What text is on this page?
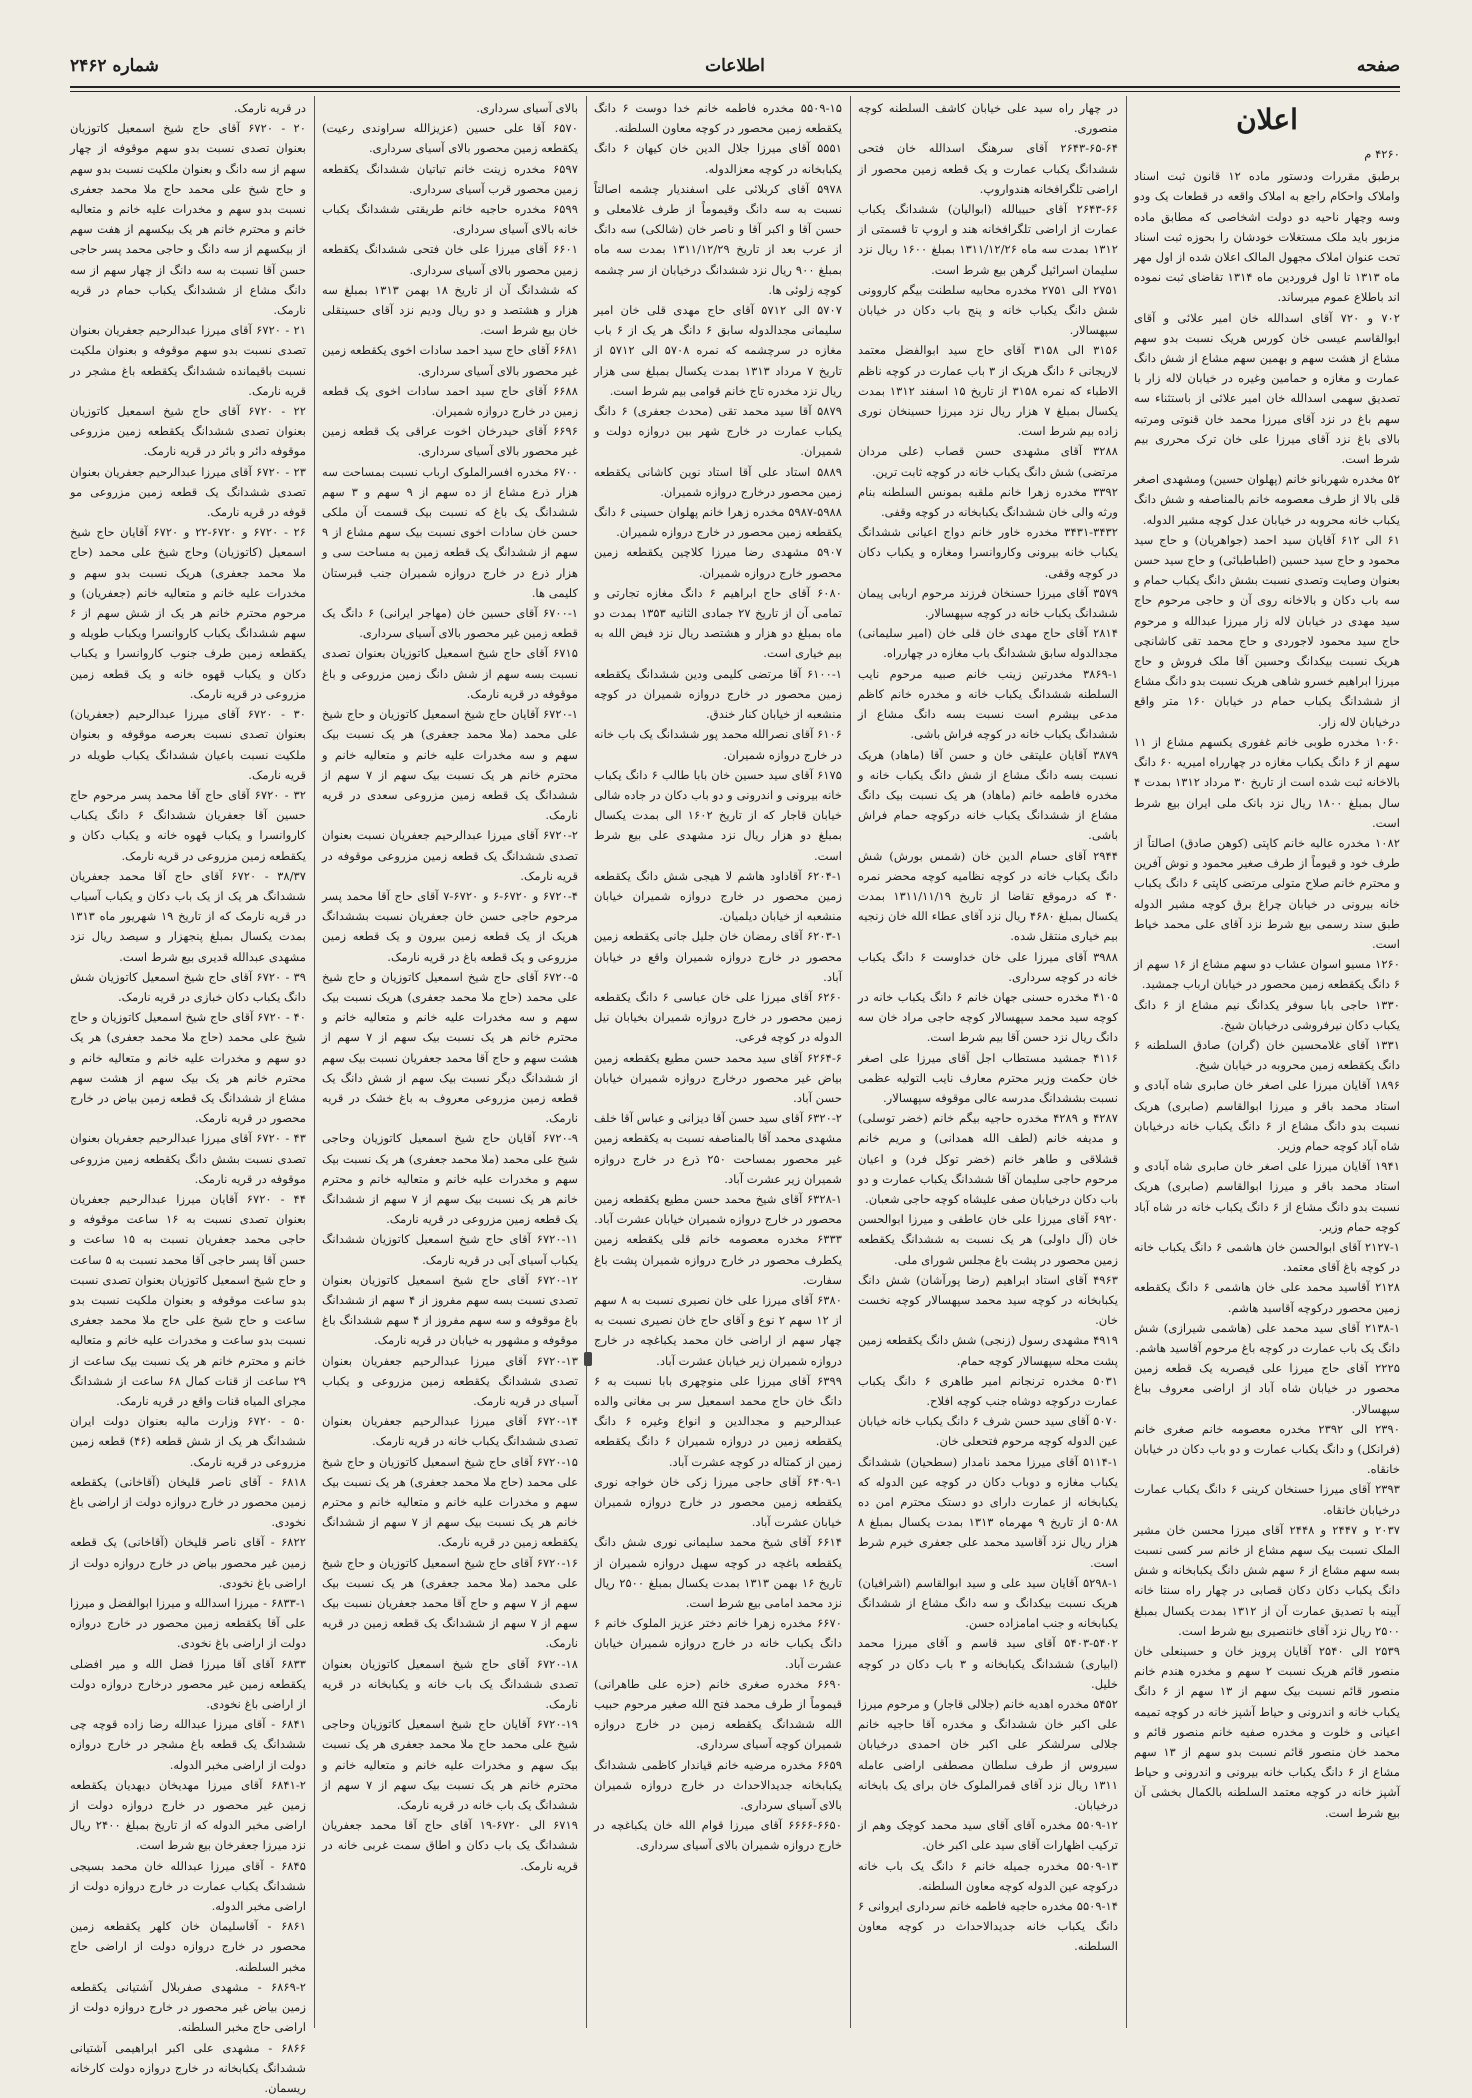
صفحه
اطلاعات
شماره ۲۴۶۲
اعلان
۴۲۶۰ م

برطبق مقررات ودستور ماده ۱۲ قانون ثبت اسناد واملاک واحکام راجع به املاک واقعه در قطعات یک ودو وسه وچهار ناحیه دو دولت اشخاصی که مطابق ماده مزبور باید ملک مستغلات خودشان را بحوزه ثبت اسناد تحت عنوان املاک مجهول المالک اعلان شده از اول مهر ماه ۱۳۱۳ تا اول فروردین ماه ۱۳۱۴ تقاضای ثبت نموده اند باطلاع عموم میرساند.

۷۰۲ و ۷۲۰ آقای اسدالله خان امیر علائی و آقای ابوالقاسم عیسی خان کورس هریک نسبت بدو سهم مشاع از هشت سهم و بهمین سهم مشاع از شش دانگ عمارت و مغازه و حمامین وغیره در خیابان لاله زار با تصدیق سهمی اسدالله خان امیر علائی از باستثناء سه سهم باغ در نزد آقای میرزا محمد خان قنوتی ومرتبه بالای باغ نزد آقای میرزا علی خان ترک محرری بیم شرط است.

۵۲ مخدره شهربانو خانم (پهلوان حسین) ومشهدی اصغر قلی بالا از طرف معصومه خانم بالمناصفه و شش دانگ یکباب خانه محروبه در خیابان عدل کوچه مشیر الدوله.

۶۱ الی ۶۱۲ آقایان سید احمد (جواهریان) و حاج سید محمود و حاج سید حسین (اطباطبائی) و حاج سید حسن بعنوان وصایت وتصدی نسبت بشش دانگ یکباب حمام و سه باب دکان و بالاخانه روی آن و حاجی مرحوم حاج سید مهدی در خیابان لاله زار میرزا عبدالله و مرحوم حاج سید محمود لاجوردی و حاج محمد تقی کاشانچی هریک نسبت بیکدانگ وحسین آقا ملک فروش و حاج میرزا ابراهیم خسرو شاهی هریک نسبت بدو دانگ مشاع از ششدانگ یکباب حمام در خیابان ۱۶۰ متر واقع درخیابان لاله زار.

۱۰۶۰ مخدره طوبی خانم غفوری یکسهم مشاع از ۱۱ سهم از ۶ دانگ یکباب مغازه در چهارراه امیریه ۶۰ دانگ بالاخانه ثبت شده است از تاریخ ۳۰ مرداد ۱۳۱۲ بمدت ۴ سال بمبلغ ۱۸۰۰ ریال نزد بانک ملی ایران بیع شرط است.

۱۰۸۲ مخدره عالیه خانم کاپتی (کوهن صادق) اصالتاً از طرف خود و قیوماً از طرف صغیر محمود و نوش آفرین و محترم خانم صلاح متولی مرتضی کاپتی ۶ دانگ یکباب خانه بیرونی در خیابان چراغ برق کوچه مشیر الدوله طبق سند رسمی بیع شرط نزد آقای علی محمد خیاط است.

۱۲۶۰ مسیو اسوان عشاب دو سهم مشاع از ۱۶ سهم از ۶ دانگ یکقطعه زمین محصور در خیابان ارباب جمشید.

۱۳۳۰ حاجی بابا سوفر یکدانگ نیم مشاع از ۶ دانگ یکباب دکان نیرفروشی درخیابان شیخ.

۱۳۳۱ آقای غلامحسین خان (گران) صادق السلطنه ۶ دانگ یکقطعه زمین محروبه در خیابان شیخ.

۱۸۹۶ آقایان میرزا علی اصغر خان صابری شاه آبادی و استاد محمد باقر و میرزا ابوالقاسم (صابری) هریک نسبت بدو دانگ مشاع از ۶ دانگ یکباب خانه درخیابان شاه آباد کوچه حمام وزیر.

۱۹۴۱ آقایان میرزا علی اصغر خان صابری شاه آبادی و استاد محمد باقر و میرزا ابوالقاسم (صابری) هریک نسبت بدو دانگ مشاع از ۶ دانگ یکباب خانه در شاه آباد کوچه حمام وزیر.

۲۱۲۷-۱ آقای ابوالحسن خان هاشمی ۶ دانگ یکباب خانه در کوچه باغ آقای معتمد.

۲۱۲۸ آقاسید محمد علی خان هاشمی ۶ دانگ یکقطعه زمین محصور درکوچه آقاسید هاشم.

۲۱۳۸-۱ آقای سید محمد علی (هاشمی شیرازی) شش دانگ یک باب عمارت در کوچه باغ مرحوم آقاسید هاشم.

۲۲۲۵ آقای حاج میرزا علی قیصریه یک قطعه زمین محصور در خیابان شاه آباد از اراضی معروف بباغ سپهسالار.

۲۳۹۰ الی ۲۳۹۲ مخدره معصومه خانم صغری خانم (فرانکل) و دانگ یکباب عمارت و دو باب دکان در خیابان خانقاه.

۲۳۹۳ آقای میرزا حسنخان کرینی ۶ دانگ یکباب عمارت درخیابان خانقاه.

۲۰۳۷ و ۲۴۴۷ و ۲۴۴۸ آقای میرزا محسن خان مشیر الملک نسبت بیک سهم مشاع از خانم سر کسی نسبت بسه سهم مشاع از ۶ سهم شش دانگ یکبابخانه و شش دانگ یکباب دکان دکان قصابی در چهار راه سنتا خانه آیینه با تصدیق عمارت آن از ۱۳۱۲ بمدت یکسال بمبلغ ۲۵۰۰ ریال نزد آقای خاننصیری بیع شرط است.

۲۵۳۹ الی ۲۵۴۰ آقایان پرویز خان و حسینعلی خان منصور قائم هریک نسبت ۲ سهم و مخدره هندم خانم منصور قائم نسبت بیک سهم از ۱۳ سهم از ۶ دانگ یکباب خانه و اندرونی و حیاط آشپز خانه در کوچه تمیمه اعیانی و خلوت و مخدره صفیه خانم منصور قائم و محمد خان منصور قائم نسبت بدو سهم از ۱۳ سهم مشاع از ۶ دانگ یکباب خانه بیرونی و اندرونی و حیاط آشپز خانه در کوچه معتمد السلطنه بالکمال بخشی آن بیع شرط است.

در چهار راه سید علی خیابان کاشف السلطنه کوچه منصوری.

۲۶۴۳-۶۵-۶۴ آقای سرهنگ اسدالله خان فتحی ششدانگ یکباب عمارت و یک قطعه زمین محصور از اراضی تلگرافخانه هندواروپ.

۲۶۴۳-۶۶ آقای حبیبالله (ابوالیان) ششدانگ یکباب عمارت از اراضی تلگرافخانه هند و اروپ تا قسمتی از ۱۳۱۲ بمدت سه ماه ۱۳۱۱/۱۲/۲۶ بمبلغ ۱۶۰۰ ریال نزد سلیمان اسرائیل گرهن بیع شرط است.

۲۷۵۱ الی ۲۷۵۱ مخدره محابیه سلطنت بیگم کاروونی شش دانگ یکباب خانه و پنج باب دکان در خیابان سپهسالار.

۳۱۵۶ الی ۳۱۵۸ آقای حاج سید ابوالفضل معتمد لاریجانی ۶ دانگ هریک از ۳ باب عمارت در کوچه ناظم الاطباء که نمره ۳۱۵۸ از تاریخ ۱۵ اسفند ۱۳۱۲ بمدت یکسال بمبلغ ۷ هزار ریال نزد میرزا حسینخان نوری زاده بیم شرط است.

۳۲۸۸ آقای مشهدی حسن قصاب (علی مردان مرتضی) شش دانگ یکباب خانه در کوچه ثابت ترین.

۳۳۹۲ مخدره زهرا خانم ملقبه بمونس السلطنه بنام ورثه والی خان ششدانگ یکبابخانه در کوچه وقفی.

۳۴۳۱-۳۴۳۲ مخدره خاور خانم دواج اعیانی ششدانگ یکباب خانه بیرونی وکاروانسرا ومغازه و یکباب دکان در کوچه وقفی.

۳۵۷۹ آقای میرزا حسنخان فرزند مرحوم اربابی پیمان ششدانگ یکباب خانه در کوچه سپهسالار.

۲۸۱۴ آقای حاج مهدی خان قلی خان (امیر سلیمانی) مجدالدوله سابق ششدانگ باب مغازه در چهارراه.

۳۸۶۹-۱ مخدرتین زینب خانم صبیه مرحوم نایب السلطنه ششدانگ یکباب خانه و مخدره خانم کاظم مدعی بیشرم است نسبت بسه دانگ مشاع از ششدانگ یکباب خانه در کوچه فراش باشی.

۳۸۷۹ آقایان علیتقی خان و حسن آقا (ماهاد) هریک نسبت بسه دانگ مشاع از شش دانگ یکباب خانه و مخدره فاطمه خانم (ماهاد) هر یک نسبت بیک دانگ مشاع از ششدانگ یکباب خانه درکوچه حمام فراش باشی.

۲۹۴۴ آقای حسام الدین خان (شمس بورش) شش دانگ یکباب خانه در کوچه نظامیه کوچه محضر نمره ۴۰ که درموقع تقاضا از تاریخ ۱۳۱۱/۱۱/۱۹ بمدت یکسال بمبلغ ۴۶۸۰ ریال نزد آقای عطاء الله خان زنجیه بیم خیاری منتقل شده.

۳۹۸۸ آقای میرزا علی خان خداوست ۶ دانگ یکباب خانه در کوچه سرداری.

۴۱۰۵ مخدره حسنی جهان خانم ۶ دانگ یکباب خانه در کوچه سید محمد سپهسالار کوچه حاجی مراد خان سه دانگ ریال نزد حسن آقا بیم شرط است.

۴۱۱۶ جمشید مستطاب اجل آقای میرزا علی اصغر خان حکمت وزیر محترم معارف نایب التولیه عظمی نسبت بششدانگ مدرسه عالی موقوفه سپهسالار.

۴۲۸۷ و ۴۲۸۹ مخدره حاجیه بیگم خانم (خضر توسلی) و مدیفه خانم (لطف الله همدانی) و مریم خانم قشلاقی و طاهر خانم (خضر توکل فرد) و اعیان مرحوم حاجی سلیمان آقا ششدانگ یکباب عمارت و دو باب دکان درخیابان صفی علیشاه کوچه حاجی شعبان.

۶۹۲۰ آقای میرزا علی خان عاطفی و میرزا ابوالحسن خان (آل داولی) هر یک نسبت به ششدانگ یکقطعه زمین محصور در پشت باغ مجلس شورای ملی.

۴۹۶۳ آقای استاد ابراهیم (رضا پورآشان) شش دانگ یکبابخانه در کوچه سید محمد سپهسالار کوچه نخست خان.

۴۹۱۹ مشهدی رسول (زنجی) شش دانگ یکقطعه زمین پشت محله سپهسالار کوچه حمام.

۵۰۳۱ مخدره ترنجانم امیر طاهری ۶ دانگ یکباب عمارت درکوچه دوشاه جنب کوچه افلاح.

۵۰۷۰ آقای سید حسن شرف ۶ دانگ یکباب خانه خیابان عین الدوله کوچه مرحوم فتحعلی خان.

۵۱۱۴-۱ آقای میرزا محمد نامدار (سطحیان) ششدانگ یکباب مغازه و دوباب دکان در کوچه عین الدوله که یکبابخانه از عمارت دارای دو دستک محترم امن ده ۵۰۸۸ از تاریخ ۹ مهرماه ۱۳۱۳ بمدت یکسال بمبلغ ۸ هزار ریال نزد آقاسید محمد علی جعفری خیرم شرط است.

۵۲۹۸-۱ آقایان سید علی و سید ابوالقاسم (اشرافیان) هریک نسبت بیکدانگ و سه دانگ مشاع از ششدانگ یکبابخانه و جنب امامزاده حسن.

۵۴۰۳-۵۴۰۲ آقای سید قاسم و آقای میرزا محمد (ابیاری) ششدانگ یکبابخانه و ۳ باب دکان در کوچه خلیل.

۵۴۵۲ مخدره اهدیه خانم (جلالی قاجار) و مرحوم میرزا علی اکبر خان ششدانگ و مخدره آقا حاجیه خانم جلالی سرلشکر علی اکبر خان احمدی درخیابان سیروس از طرف سلطان مصطفی اراضی عامله ۱۳۱۱ ریال نزد آقای قمرالملوک خان برای یک بابخانه درخیابان.

۵۵۰۹-۱۲ مخدره آقای آقای سید محمد کوچک وهم از ترکیب اظهارات آقای سید علی اکبر خان.

۵۵۰۹-۱۳ مخدره جمیله خانم ۶ دانگ یک باب خانه درکوچه عین الدوله کوچه معاون السلطنه.

۵۵۰۹-۱۴ مخدره حاجیه فاطمه خانم سرداری ایروانی ۶ دانگ یکباب خانه جدیدالاحداث در کوچه معاون السلطنه.

۵۵۰۹-۱۵ مخدره فاطمه خانم خدا دوست ۶ دانگ یکقطعه زمین محصور در کوچه معاون السلطنه.

۵۵۵۱ آقای میرزا جلال الدین خان کیهان ۶ دانگ یکبابخانه در کوچه معزالدوله.

۵۹۷۸ آقای کربلائی علی اسفندیار چشمه اصالتاً نسبت به سه دانگ وقیموماً از طرف غلامعلی و حسن آقا و اکبر آقا و ناصر خان (شالکی) سه دانگ از عرب بعد از تاریخ ۱۳۱۱/۱۲/۲۹ بمدت سه ماه بمبلغ ۹۰۰ ریال نزد ششدانگ درخیابان از سر چشمه کوچه زلوئی ها.

۵۷۰۷ الی ۵۷۱۲ آقای حاج مهدی قلی خان امیر سلیمانی مجدالدوله سابق ۶ دانگ هر یک از ۶ باب مغازه در سرچشمه که نمره ۵۷۰۸ الی ۵۷۱۲ از تاریخ ۷ مرداد ۱۳۱۳ بمدت یکسال بمبلغ سی هزار ریال نزد مخدره تاج خانم قوامی بیم شرط است.

۵۸۷۹ آقا سید محمد تقی (محدث جعفری) ۶ دانگ یکباب عمارت در خارج شهر بین دروازه دولت و شمیران.

۵۸۸۹ استاد علی آقا استاد نوین کاشانی یکقطعه زمین محصور درخارج دروازه شمیران.

۵۹۸۷-۵۹۸۸ مخدره زهرا خانم پهلوان حسینی ۶ دانگ یکقطعه زمین محصور در خارج دروازه شمیران.

۵۹۰۷ مشهدی رضا میرزا کلاچین یکقطعه زمین محصور خارج دروازه شمیران.

۶۰۸۰ آقای حاج ابراهیم ۶ دانگ مغازه تجارتی و تمامی آن از تاریخ ۲۷ جمادی الثانیه ۱۳۵۳ بمدت دو ماه بمبلغ دو هزار و هشتصد ریال نزد فیض الله به بیم خیاری است.

۶۱۰۰-۱ آقا مرتضی کلیمی ودین ششدانگ یکقطعه زمین محصور در خارج دروازه شمیران در کوچه منشعبه از خیابان کنار خندق.

۶۱۰۶ آقای نصرالله محمد پور ششدانگ یک باب خانه در خارج دروازه شمیران.

۶۱۷۵ آقای سید حسین خان بابا طالب ۶ دانگ یکباب خانه بیرونی و اندرونی و دو باب دکان در جاده شالی خیابان قاجار که از تاریخ ۱۶۰۲ الی بمدت یکسال بمبلغ دو هزار ریال نزد مشهدی علی بیع شرط است.

۶۲۰۴-۱ آقاداود هاشم لا هیجی شش دانگ یکقطعه زمین محصور در خارج دروازه شمیران خیابان منشعبه از خیابان دیلمیان.

۶۲۰۳-۱ آقای رمضان خان جلیل جانی یکقطعه زمین محصور در خارج دروازه شمیران واقع در خیابان آباد.

۶۲۶۰ آقای میرزا علی خان عباسی ۶ دانگ یکقطعه زمین محصور در خارج دروازه شمیران بخیابان نیل الدوله در کوچه فرعی.

۶۲۶۴-۶ آقای سید محمد حسن مطیع یکقطعه زمین بیاض غیر محصور درخارج دروازه شمیران خیابان حسن آباد.

۶۳۲۰-۲ آقای سید حسن آقا دیزانی و عباس آقا خلف مشهدی محمد آقا بالمناصفه نسبت به یکقطعه زمین غیر محصور بمساحت ۲۵۰ ذرع در خارج دروازه شمیران زیر عشرت آباد.

۶۳۲۸-۱ آقای شیخ محمد حسن مطیع یکقطعه زمین محصور در خارج دروازه شمیران خیابان عشرت آباد.

۶۳۳۳ مخدره معصومه خانم قلی یکقطعه زمین یکطرف محصور در خارج دروازه شمیران پشت باغ سفارت.

۶۳۸۰ آقای میرزا علی خان نصیری نسبت به ۸ سهم از ۱۲ سهم ۲ نوع و آقای حاج خان نصیری نسبت به چهار سهم از اراضی خان محمد یکباغچه در خارج دروازه شمیران زیر خیابان عشرت آباد.

۶۳۹۹ آقای میرزا علی منوچهری بابا نسبت به ۶ دانگ خان حاج محمد اسمعیل سر بی مغانی والده عبدالرحیم و مجدالدین و انواع وغیره ۶ دانگ یکقطعه زمین در دروازه شمیران ۶ دانگ یکقطعه زمین از کمتاله در کوچه عشرت آباد.

۶۴۰۹-۱ آقای حاجی میرزا زکی خان خواجه نوری یکقطعه زمین محصور در خارج دروازه شمیران خیابان عشرت آباد.

۶۶۱۴ آقای شیخ محمد سلیمانی نوری شش دانگ یکقطعه باغچه در کوچه سهیل دروازه شمیران از تاریخ ۱۶ بهمن ۱۳۱۳ بمدت یکسال بمبلغ ۲۵۰۰ ریال نزد محمد امامی بیع شرط است.

۶۶۷۰ مخدره زهرا خانم دختر عزیز الملوک خانم ۶ دانگ یکباب خانه در خارج دروازه شمیران خیابان عشرت آباد.

۶۶۹۰ مخدره صغری خانم (حزه علی طاهرانی) قیموماً از طرف محمد فتح الله صغیر مرحوم حبیب الله ششدانگ یکقطعه زمین در خارج دروازه شمیران کوچه آسیای سرداری.

۶۶۵۹ مخدره مرضیه خانم قیاندار کاظمی ششدانگ یکبابخانه جدیدالاحداث در خارج دروازه شمیران بالای آسیای سرداری.

۶۶۶۶-۶۶۵۰ آقای میرزا قوام الله خان یکباغچه در خارج دروازه شمیران بالای آسیای سرداری.

بالای آسیای سرداری.

۶۵۷۰ آقا علی حسین (عزیزالله سراوندی رعیت) یکقطعه زمین محصور بالای آسیای سرداری.

۶۵۹۷ مخدره زینت خانم تباتیان ششدانگ یکقطعه زمین محصور قرب آسیای سرداری.

۶۵۹۹ مخدره حاجیه خانم طریقتی ششدانگ یکباب خانه بالای آسیای سرداری.

۶۶۰۱ آقای میرزا علی خان فتحی ششدانگ یکقطعه زمین محصور بالای آسیای سرداری.

که ششدانگ آن از تاریخ ۱۸ بهمن ۱۳۱۳ بمبلغ سه هزار و هشتصد و دو ریال ودیم نزد آقای حسینقلی خان بیع شرط است.

۶۶۸۱ آقای حاج سید احمد سادات اخوی یکقطعه زمین غیر محصور بالای آسیای سرداری.

۶۶۸۸ آقای حاج سید احمد سادات اخوی یک قطعه زمین در خارج دروازه شمیران.

۶۶۹۶ آقای حیدرخان اخوت عراقی یک قطعه زمین غیر محصور بالای آسیای سرداری.

۶۷۰۰ مخدره افسرالملوک ارباب نسبت بمساحت سه هزار ذرع مشاع از ده سهم از ۹ سهم و ۳ سهم ششدانگ یک باغ که نسبت بیک قسمت آن ملکی حسن خان سادات اخوی نسبت بیک سهم مشاع از ۹ سهم از ششدانگ یک قطعه زمین به مساحت سی و هزار ذرع در خارج دروازه شمیران جنب قبرستان کلیمی ها.

۶۷۰۰-۱ آقای حسین خان (مهاجر ایرانی) ۶ دانگ یک قطعه زمین غیر محصور بالای آسیای سرداری.

۶۷۱۵ آقای حاج شیخ اسمعیل کاتوزیان بعنوان تصدی نسبت بسه سهم از شش دانگ زمین مزروعی و باغ موقوفه در قریه نارمک.

۶۷۲۰-۱ آقایان حاج شیخ اسمعیل کاتوزیان و حاج شیخ علی محمد (ملا محمد جعفری) هر یک نسبت بیک سهم و سه مخدرات علیه خانم و متعالیه خانم و محترم خانم هر یک نسبت بیک سهم از ۷ سهم از ششدانگ یک قطعه زمین مزروعی سعدی در قریه نارمک.

۶۷۲۰-۲ آقای میرزا عبدالرحیم جعفریان نسبت بعنوان تصدی ششدانگ یک قطعه زمین مزروعی موقوفه در قریه نارمک.

۶۷۲۰-۴ و ۶۷۲۰-۶ و ۶۷۲۰-۷ آقای حاج آقا محمد پسر مرحوم حاجی حسن خان جعفریان نسبت بششدانگ هریک از یک قطعه زمین بیرون و یک قطعه زمین مزروعی و یک قطعه باغ در قریه نارمک.

۶۷۲۰-۵ آقای حاج شیخ اسمعیل کاتوزیان و حاج شیخ علی محمد (حاج ملا محمد جعفری) هریک نسبت بیک سهم و سه مخدرات علیه خانم و متعالیه خانم و محترم خانم هر یک نسبت بیک سهم از ۷ سهم از هشت سهم و حاج آقا محمد جعفریان نسبت بیک سهم از ششدانگ دیگر نسبت بیک سهم از شش دانگ یک قطعه زمین مزروعی معروف به باغ خشک در قریه نارمک.

۶۷۲۰-۹ آقایان حاج شیخ اسمعیل کاتوزیان وحاجی شیخ علی محمد (ملا محمد جعفری) هر یک نسبت بیک سهم و مخدرات علیه خانم و متعالیه خانم و محترم خانم هر یک نسبت بیک سهم از ۷ سهم از ششدانگ یک قطعه زمین مزروعی در قریه نارمک.

۶۷۲۰-۱۱ آقای حاج شیخ اسمعیل کاتوزیان ششدانگ یکباب آسیای آبی در قریه نارمک.

۶۷۲۰-۱۲ آقای حاج شیخ اسمعیل کاتوزیان بعنوان تصدی نسبت بسه سهم مفروز از ۴ سهم از ششدانگ باغ موقوفه و سه سهم مفروز از ۴ سهم ششدانگ باغ موقوفه و مشهور به خیابان در قریه نارمک.

۶۷۲۰-۱۳ آقای میرزا عبدالرحیم جعفریان بعنوان تصدی ششدانگ یکقطعه زمین مزروعی و یکباب آسیای در قریه نارمک.

۶۷۲۰-۱۴ آقای میرزا عبدالرحیم جعفریان بعنوان تصدی ششدانگ یکباب خانه در قریه نارمک.

۶۷۲۰-۱۵ آقای حاج شیخ اسمعیل کاتوزیان و حاج شیخ علی محمد (حاج ملا محمد جعفری) هر یک نسبت بیک سهم و مخدرات علیه خانم و متعالیه خانم و محترم خانم هر یک نسبت بیک سهم از ۷ سهم از ششدانگ یکقطعه زمین در قریه نارمک.

۶۷۲۰-۱۶ آقای حاج شیخ اسمعیل کاتوزیان و حاج شیخ علی محمد (ملا محمد جعفری) هر یک نسبت بیک سهم از ۷ سهم و حاج آقا محمد جعفریان نسبت بیک سهم از ۷ سهم از ششدانگ یک قطعه زمین در قریه نارمک.

۶۷۲۰-۱۸ آقای حاج شیخ اسمعیل کاتوزیان بعنوان تصدی ششدانگ یک باب خانه و یکبابخانه در قریه نارمک.

۶۷۲۰-۱۹ آقایان حاج شیخ اسمعیل کاتوزیان وحاجی شیخ علی محمد حاج ملا محمد جعفری هر یک نسبت بیک سهم و مخدرات علیه خانم و متعالیه خانم و محترم خانم هر یک نسبت بیک سهم از ۷ سهم از ششدانگ یک باب خانه در قریه نارمک.

۶۷۱۹ الی ۶۷۲۰-۱۹ آقای حاج آقا محمد جعفریان ششدانگ یک باب دکان و اطاق سمت غربی خانه در قریه نارمک.

در قریه نارمک.

۲۰ - ۶۷۲۰ آقای حاج شیخ اسمعیل کاتوزیان بعنوان تصدی نسبت بدو سهم موقوفه از چهار سهم از سه دانگ و بعنوان ملکیت نسبت بدو سهم و حاج شیخ علی محمد حاج ملا محمد جعفری نسبت بدو سهم و مخدرات علیه خانم و متعالیه خانم و محترم خانم هر یک بیکسهم از هفت سهم از بیکسهم از سه دانگ و حاجی محمد پسر حاجی حسن آقا نسبت به سه دانگ از چهار سهم از سه دانگ مشاع از ششدانگ یکباب حمام در قریه نارمک.

۲۱ - ۶۷۲۰ آقای میرزا عبدالرحیم جعفریان بعنوان تصدی نسبت بدو سهم موقوفه و بعنوان ملکیت نسبت باقیمانده ششدانگ یکقطعه باغ مشجر در قریه نارمک.

۲۲ - ۶۷۲۰ آقای حاج شیخ اسمعیل کاتوزیان بعنوان تصدی ششدانگ یکقطعه زمین مزروعی موقوفه دائر و بائر در قریه نارمک.

۲۳ - ۶۷۲۰ آقای میرزا عبدالرحیم جعفریان بعنوان تصدی ششدانگ یک قطعه زمین مزروعی مو قوفه در قریه نارمک.

۲۶ - ۶۷۲۰ و ۶۷۲۰-۲۲ و ۶۷۲۰ آقایان حاج شیخ اسمعیل (کاتوزیان) وحاج شیخ علی محمد (حاج ملا محمد جعفری) هریک نسبت بدو سهم و مخدرات علیه خانم و متعالیه خانم (جعفریان) و مرحوم محترم خانم هر یک از شش سهم از ۶ سهم ششدانگ یکباب کاروانسرا ویکباب طویله و یکقطعه زمین طرف جنوب کاروانسرا و یکباب دکان و یکباب قهوه خانه و یک قطعه زمین مزروعی در قریه نارمک.

۳۰ - ۶۷۲۰ آقای میرزا عبدالرحیم (جعفریان) بعنوان تصدی نسبت بعرصه موقوفه و بعنوان ملکیت نسبت باعیان ششدانگ یکباب طویله در قریه نارمک.

۳۲ - ۶۷۲۰ آقای حاج آقا محمد پسر مرحوم حاج حسین آقا جعفریان ششدانگ ۶ دانگ یکباب کاروانسرا و یکباب قهوه خانه و یکباب دکان و یکقطعه زمین مزروعی در قریه نارمک.

۳۸/۳۷ - ۶۷۲۰ آقای حاج آقا محمد جعفریان ششدانگ هر یک از یک باب دکان و یکباب آسیاب در قریه نارمک که از تاریخ ۱۹ شهریور ماه ۱۳۱۳ بمدت یکسال بمبلغ پنجهزار و سیصد ریال نزد مشهدی عبدالله قدیری بیع شرط است.

۳۹ - ۶۷۲۰ آقای حاج شیخ اسمعیل کاتوزیان شش دانگ یکباب دکان خبازی در قریه نارمک.

۴۰ - ۶۷۲۰ آقای حاج شیخ اسمعیل کاتوزیان و حاج شیخ علی محمد (حاج ملا محمد جعفری) هر یک دو سهم و مخدرات علیه خانم و متعالیه خانم و محترم خانم هر یک بیک سهم از هشت سهم مشاع از ششدانگ یک قطعه زمین بیاض در خارج محصور در قریه نارمک.

۴۳ - ۶۷۲۰ آقای میرزا عبدالرحیم جعفریان بعنوان تصدی نسبت بشش دانگ یکقطعه زمین مزروعی موقوفه در قریه نارمک.

۴۴ - ۶۷۲۰ آقایان میرزا عبدالرحیم جعفریان بعنوان تصدی نسبت به ۱۶ ساعت موقوفه و حاجی محمد جعفریان نسبت به ۱۵ ساعت و حسن آقا پسر حاجی آقا محمد نسبت به ۵ ساعت و حاج شیخ اسمعیل کاتوزیان بعنوان تصدی نسبت بدو ساعت موقوفه و بعنوان ملکیت نسبت بدو ساعت و حاج شیخ علی حاج ملا محمد جعفری نسبت بدو ساعت و مخدرات علیه خانم و متعالیه خانم و محترم خانم هر یک نسبت بیک ساعت از ۲۹ ساعت از قنات کمال ۶۸ ساعت از ششدانگ مجرای المیاه قنات واقع در قریه نارمک.

۵۰ - ۶۷۲۰ وزارت مالیه بعنوان دولت ایران ششدانگ هر یک از شش قطعه (۴۶) قطعه زمین مزروعی در قریه نارمک.

۶۸۱۸ - آقای ناصر قلیخان (آقاخانی) یکقطعه زمین محصور در خارج دروازه دولت از اراضی باغ نخودی.

۶۸۲۲ - آقای ناصر قلیخان (آقاخانی) یک قطعه زمین غیر محصور بیاض در خارج دروازه دولت از اراضی باغ نخودی.

۶۸۳۳-۱ - میرزا اسدالله و میرزا ابوالفضل و میرزا علی آقا یکقطعه زمین محصور در خارج دروازه دولت از اراضی باغ نخودی.

۶۸۳۳ آقای آقا میرزا فضل الله و میر افضلی یکقطعه زمین غیر محصور درخارج دروازه دولت از اراضی باغ نخودی.

۶۸۴۱ - آقای میرزا عبدالله رضا زاده قوچه چی ششدانگ یک قطعه باغ مشجر در خارج دروازه دولت از اراضی مخبر الدوله.

۶۸۴۱-۲ آقای میرزا مهدیخان دیهدیان یکقطعه زمین غیر محصور در خارج دروازه دولت از اراضی مخبر الدوله که از تاریخ بمبلغ ۲۴۰۰ ریال نزد میرزا جعفرخان بیع شرط است.

۶۸۴۵ - آقای میرزا عبدالله خان محمد بسیجی ششدانگ یکباب عمارت در خارج دروازه دولت از اراضی مخبر الدوله.

۶۸۶۱ - آقاسلیمان خان کلهر یکقطعه زمین محصور در خارج دروازه دولت از اراضی حاج مخبر السلطنه.

۶۸۶۹-۲ - مشهدی صفربلال آشتیانی یکقطعه زمین بیاض غیر محصور در خارج دروازه دولت از اراضی حاج مخبر السلطنه.

۶۸۶۶ - مشهدی علی اکبر ابراهیمی آشتیانی ششدانگ یکبابخانه در خارج دروازه دولت کارخانه ریسمان.
